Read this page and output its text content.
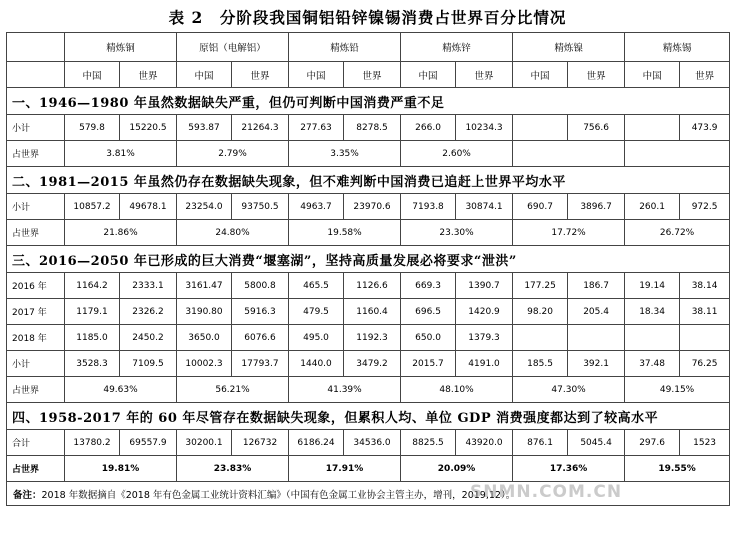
表 2　分阶段我国铜铝铅锌镍锡消费占世界百分比情况
	精炼铜		原铝（电解铝）		精炼铅		精炼锌		精炼镍		精炼锡	
	中国	世界	中国	世界	中国	世界	中国	世界	中国	世界	中国	世界
一、1946—1980 年虽然数据缺失严重，但仍可判断中国消费严重不足												
小计	579.8	15220.5	593.87	21264.3	277.63	8278.5	266.0	10234.3		756.6		473.9
占世界	3.81%		2.79%		3.35%		2.60%					
二、1981—2015 年虽然仍存在数据缺失现象，但不难判断中国消费已追赶上世界平均水平												
小计	10857.2	49678.1	23254.0	93750.5	4963.7	23970.6	7193.8	30874.1	690.7	3896.7	260.1	972.5
占世界	21.86%		24.80%		19.58%		23.30%		17.72%		26.72%	
三、2016—2050 年已形成的巨大消费“堰塞湖”，坚持高质量发展必将要求“泄洪”												
2016 年	1164.2	2333.1	3161.47	5800.8	465.5	1126.6	669.3	1390.7	177.25	186.7	19.14	38.14
2017 年	1179.1	2326.2	3190.80	5916.3	479.5	1160.4	696.5	1420.9	98.20	205.4	18.34	38.11
2018 年	1185.0	2450.2	3650.0	6076.6	495.0	1192.3	650.0	1379.3				
小计	3528.3	7109.5	10002.3	17793.7	1440.0	3479.2	2015.7	4191.0	185.5	392.1	37.48	76.25
占世界	49.63%		56.21%		41.39%		48.10%		47.30%		49.15%	
四、1958-2017 年的 60 年尽管存在数据缺失现象，但累积人均、单位 GDP 消费强度都达到了较高水平												
合计	13780.2	69557.9	30200.1	126732	6186.24	34536.0	8825.5	43920.0	876.1	5045.4	297.6	1523
占世界	19.81%		23.83%		17.91%		20.09%		17.36%		19.55%	
备注：2018 年数据摘自《2018 年有色金属工业统计资料汇编》（中国有色金属工业协会主管主办，增刊，2019,12）。												
SNMN.COM.CN
